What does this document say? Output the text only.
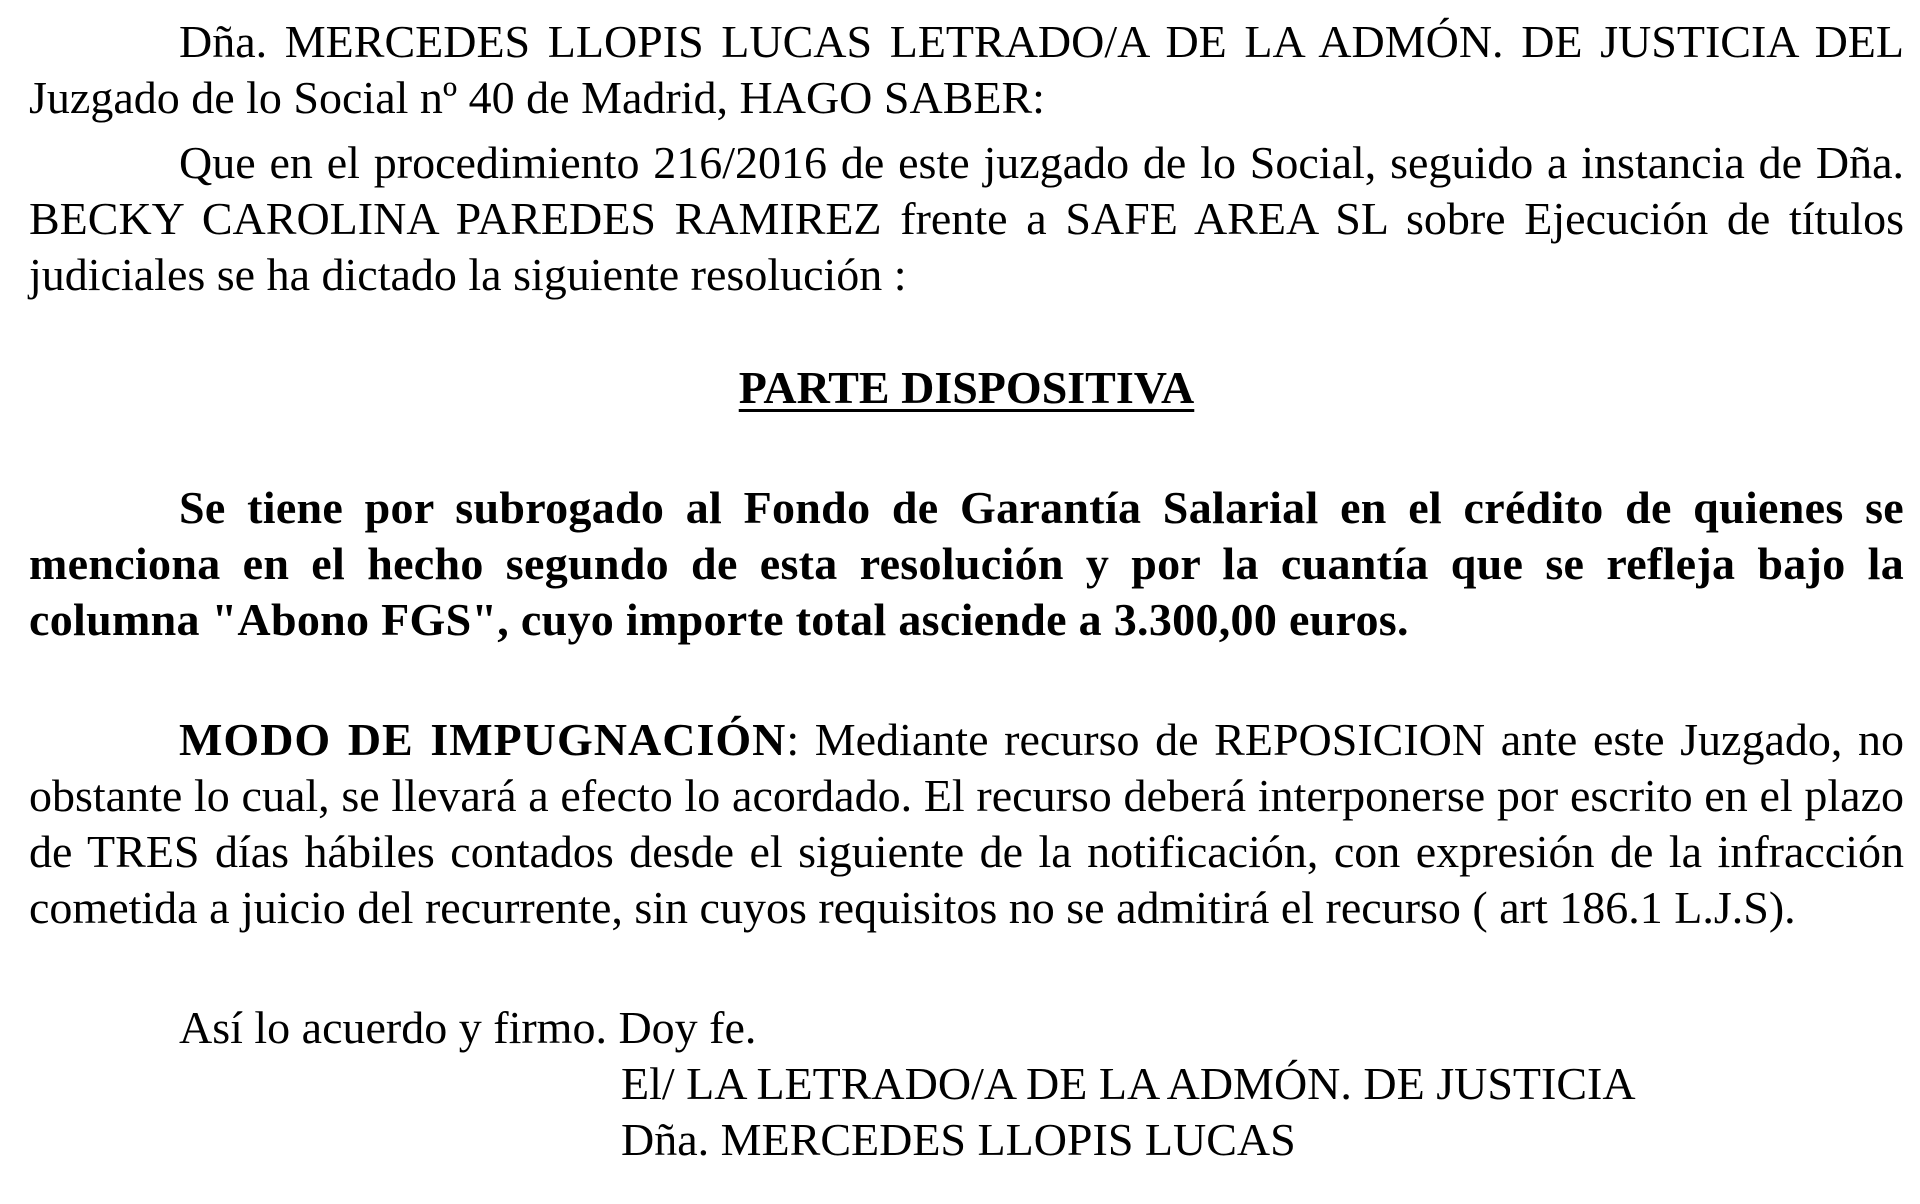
Dña. MERCEDES LLOPIS LUCAS LETRADO/A DE LA ADMÓN. DE JUSTICIA DEL Juzgado de lo Social nº 40 de Madrid, HAGO SABER:

Que en el procedimiento 216/2016 de este juzgado de lo Social, seguido a instancia de Dña. BECKY CAROLINA PAREDES RAMIREZ frente a SAFE AREA SL sobre Ejecución de títulos judiciales se ha dictado la siguiente resolución :

PARTE DISPOSITIVA

Se tiene por subrogado al Fondo de Garantía Salarial en el crédito de quienes se menciona en el hecho segundo de esta resolución y por la cuantía que se refleja bajo la columna "Abono FGS", cuyo importe total asciende a 3.300,00 euros.

MODO DE IMPUGNACIÓN: Mediante recurso de REPOSICION ante este Juzgado, no obstante lo cual, se llevará a efecto lo acordado. El recurso deberá interponerse por escrito en el plazo de TRES días hábiles contados desde el siguiente de la notificación, con expresión de la infracción cometida a juicio del recurrente, sin cuyos requisitos no se admitirá el recurso ( art 186.1 L.J.S).

Así lo acuerdo y firmo. Doy fe.

El/ LA LETRADO/A DE LA ADMÓN. DE JUSTICIA
Dña. MERCEDES LLOPIS LUCAS
